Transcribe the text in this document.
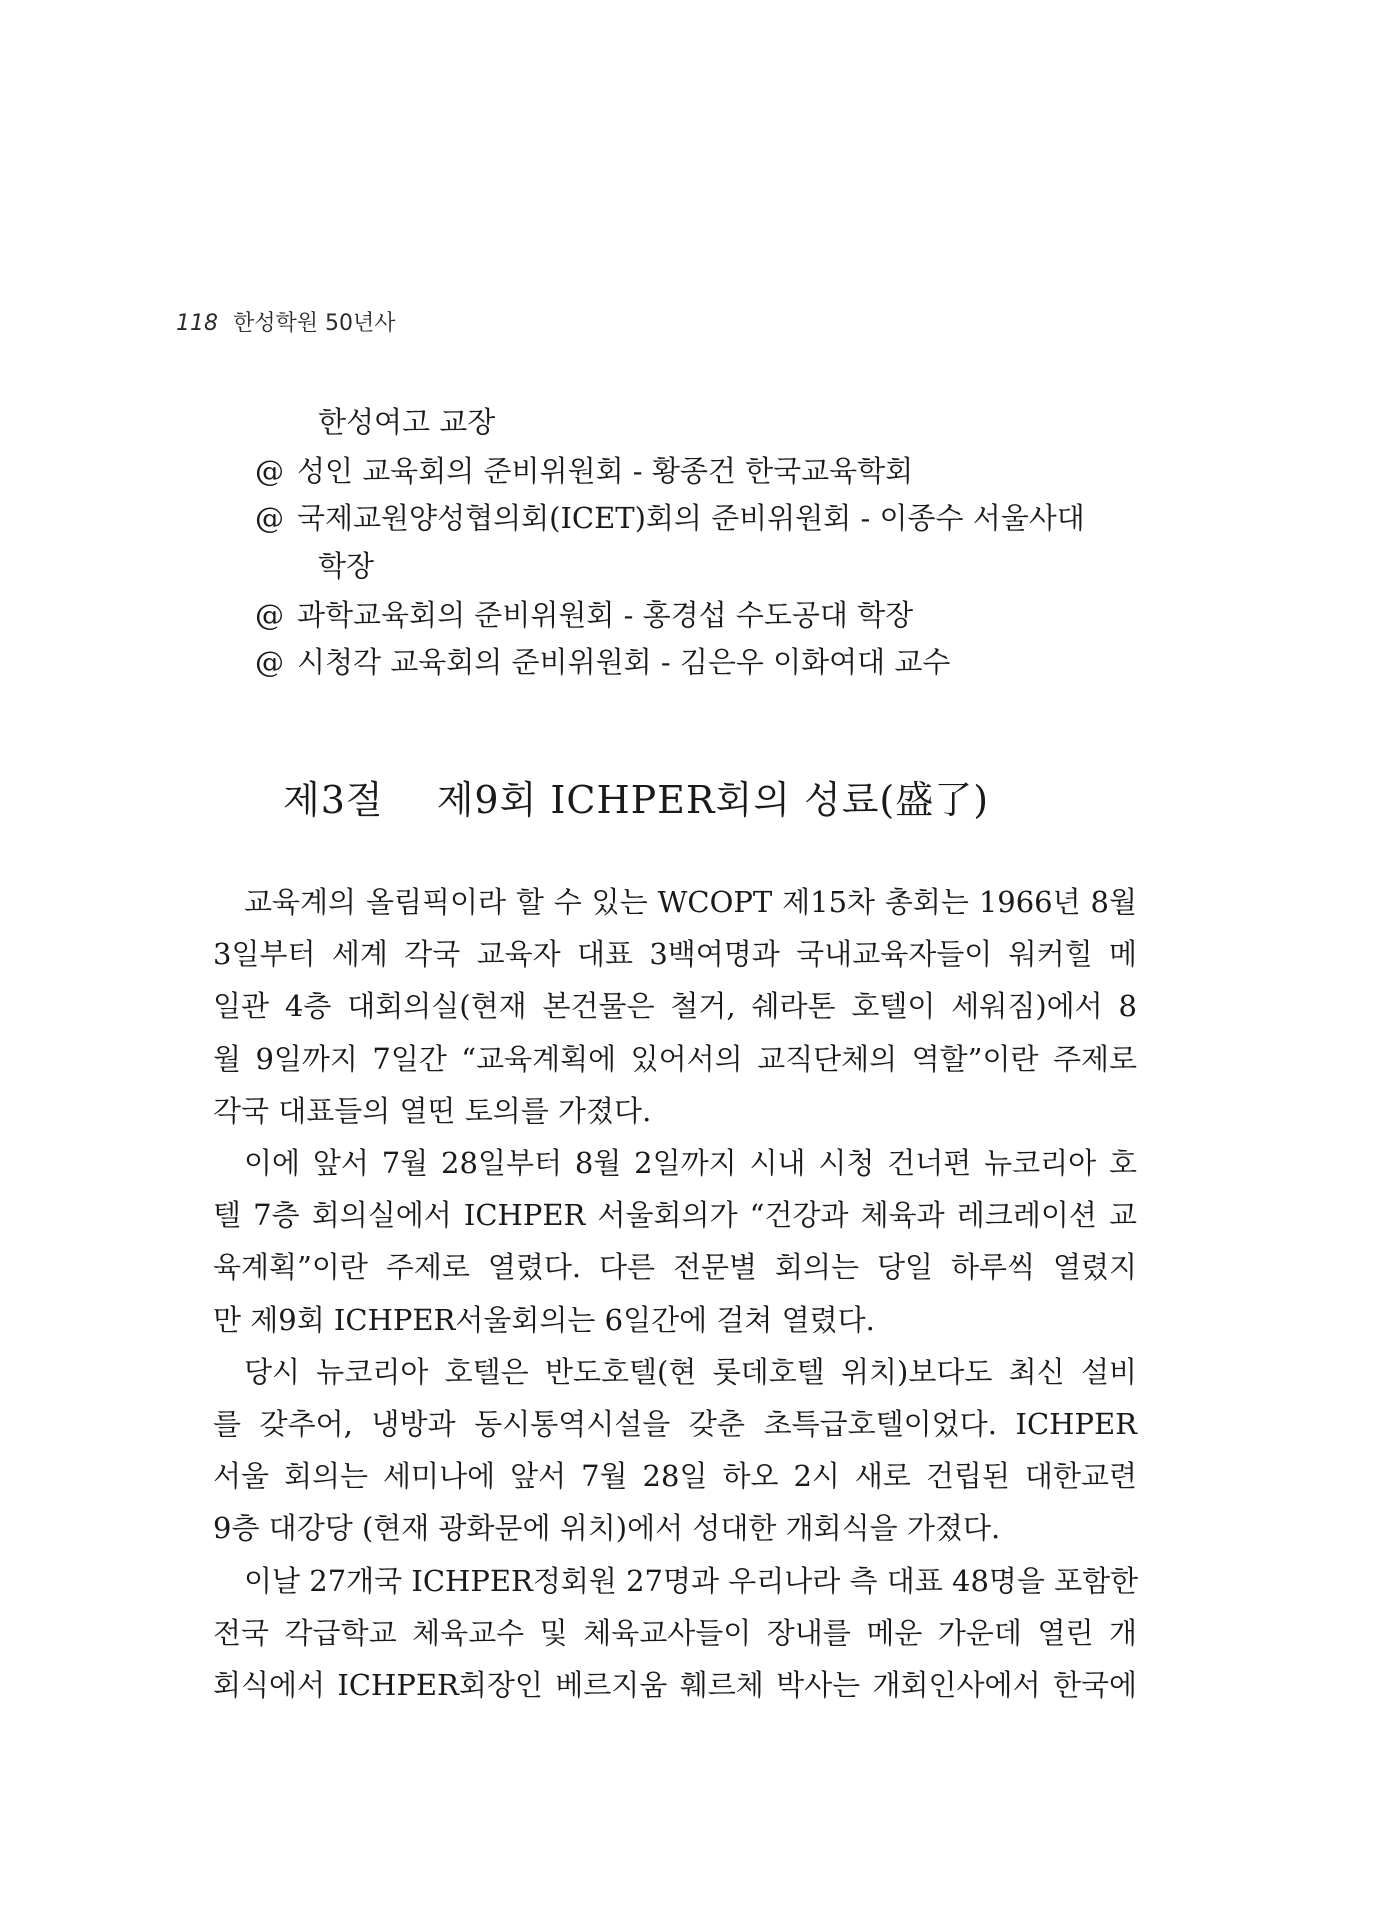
118 한성학원 50년사
한성여고 교장
@ 성인 교육회의 준비위원회 - 황종건 한국교육학회
@ 국제교원양성협의회(ICET)회의 준비위원회 - 이종수 서울사대
학장
@ 과학교육회의 준비위원회 - 홍경섭 수도공대 학장
@ 시청각 교육회의 준비위원회 - 김은우 이화여대 교수
제3절 제9회 ICHPER회의 성료(盛了)
교육계의 올림픽이라 할 수 있는 WCOPT 제15차 총회는 1966년 8월
3일부터 세계 각국 교육자 대표 3백여명과 국내교육자들이 워커힐 메
일관 4층 대회의실(현재 본건물은 철거, 쉐라톤 호텔이 세워짐)에서 8
월 9일까지 7일간 “교육계획에 있어서의 교직단체의 역할”이란 주제로
각국 대표들의 열띤 토의를 가졌다.
이에 앞서 7월 28일부터 8월 2일까지 시내 시청 건너편 뉴코리아 호
텔 7층 회의실에서 ICHPER 서울회의가 “건강과 체육과 레크레이션 교
육계획”이란 주제로 열렸다. 다른 전문별 회의는 당일 하루씩 열렸지
만 제9회 ICHPER서울회의는 6일간에 걸쳐 열렸다.
당시 뉴코리아 호텔은 반도호텔(현 롯데호텔 위치)보다도 최신 설비
를 갖추어, 냉방과 동시통역시설을 갖춘 초특급호텔이었다. ICHPER
서울 회의는 세미나에 앞서 7월 28일 하오 2시 새로 건립된 대한교련
9층 대강당 (현재 광화문에 위치)에서 성대한 개회식을 가졌다.
이날 27개국 ICHPER정회원 27명과 우리나라 측 대표 48명을 포함한
전국 각급학교 체육교수 및 체육교사들이 장내를 메운 가운데 열린 개
회식에서 ICHPER회장인 베르지움 훼르체 박사는 개회인사에서 한국에
